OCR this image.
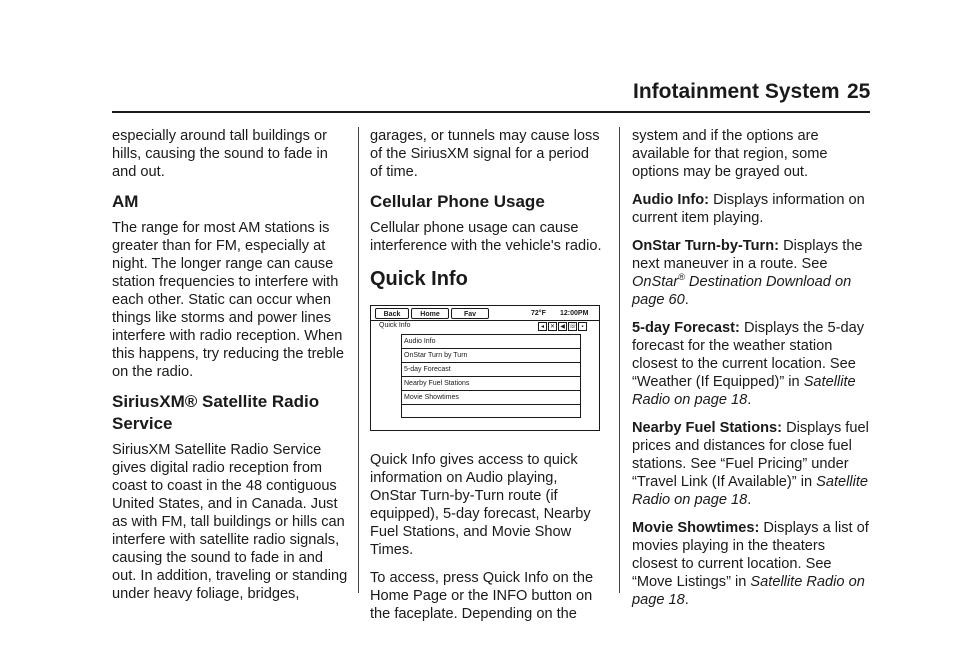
Infotainment System 25

especially around tall buildings or hills, causing the sound to fade in and out.

AM

The range for most AM stations is greater than for FM, especially at night. The longer range can cause station frequencies to interfere with each other. Static can occur when things like storms and power lines interfere with radio reception. When this happens, try reducing the treble on the radio.

SiriusXM® Satellite Radio Service

SiriusXM Satellite Radio Service gives digital radio reception from coast to coast in the 48 contiguous United States, and in Canada. Just as with FM, tall buildings or hills can interfere with satellite radio signals, causing the sound to fade in and out. In addition, traveling or standing under heavy foliage, bridges,

garages, or tunnels may cause loss of the SiriusXM signal for a period of time.

Cellular Phone Usage

Cellular phone usage can cause interference with the vehicle's radio.

Quick Info
Back	Home	Fav	72°F 12:00PM
Quick Info	◂ ✕ ◀ ☏ ▪
Audio Info
OnStar Turn by Turn
5-day Forecast
Nearby Fuel Stations
Movie Showtimes

Quick Info gives access to quick information on Audio playing, OnStar Turn-by-Turn route (if equipped), 5-day forecast, Nearby Fuel Stations, and Movie Show Times.

To access, press Quick Info on the Home Page or the INFO button on the faceplate. Depending on the

system and if the options are available for that region, some options may be grayed out.

Audio Info: Displays information on current item playing.

OnStar Turn-by-Turn: Displays the next maneuver in a route. See OnStar® Destination Download on page 60.

5-day Forecast: Displays the 5-day forecast for the weather station closest to the current location. See “Weather (If Equipped)” in Satellite Radio on page 18.

Nearby Fuel Stations: Displays fuel prices and distances for close fuel stations. See “Fuel Pricing” under “Travel Link (If Available)” in Satellite Radio on page 18.

Movie Showtimes: Displays a list of movies playing in the theaters closest to current location. See “Move Listings” in Satellite Radio on page 18.
